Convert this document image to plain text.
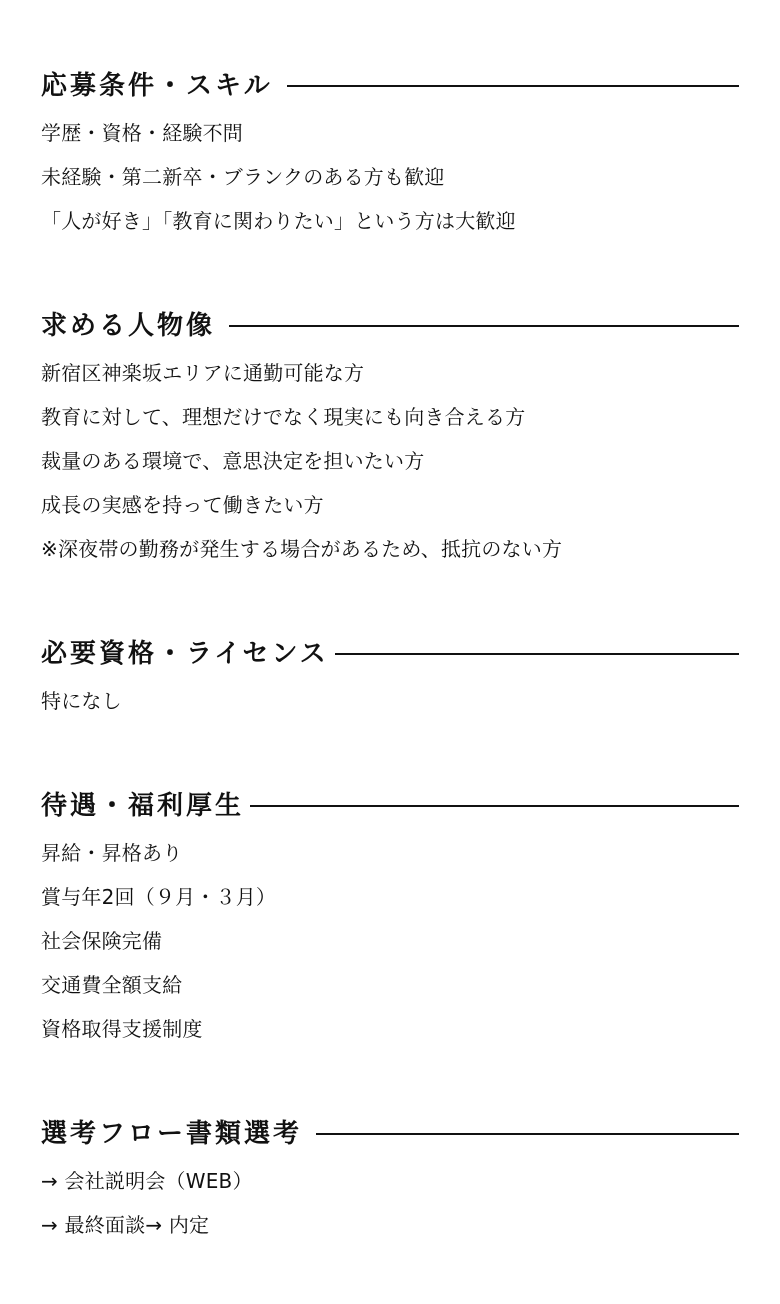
応募条件・スキル
学歴・資格・経験不問
未経験・第二新卒・ブランクのある方も歓迎
「人が好き」「教育に関わりたい」という方は大歓迎
求める人物像
新宿区神楽坂エリアに通勤可能な方
教育に対して、理想だけでなく現実にも向き合える方
裁量のある環境で、意思決定を担いたい方
成長の実感を持って働きたい方
※深夜帯の勤務が発生する場合があるため、抵抗のない方
必要資格・ライセンス
特になし
待遇・福利厚生
昇給・昇格あり
賞与年2回（９月・３月）
社会保険完備
交通費全額支給
資格取得支援制度
選考フロー書類選考
→ 会社説明会（WEB）
→ 最終面談→ 内定
